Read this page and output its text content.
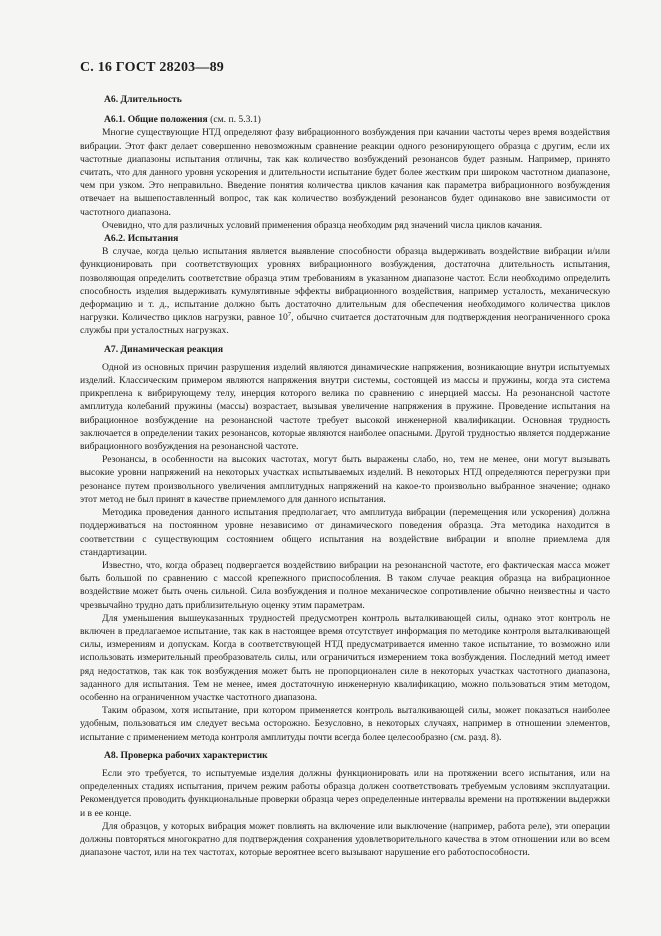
С. 16 ГОСТ 28203—89

А6. Длительность

А6.1. Общие положения (см. п. 5.3.1)

Многие существующие НТД определяют фазу вибрационного возбуждения при качании частоты через время воздействия вибрации. Этот факт делает совершенно невозможным сравнение реакции одного резонирующего образца с другим, если их частотные диапазоны испытания отличны, так как количество возбуждений резонансов будет разным. Например, принято считать, что для данного уровня ускорения и длительности испытание будет более жестким при широком частотном диапазоне, чем при узком. Это неправильно. Введение понятия количества циклов качания как параметра вибрационного возбуждения отвечает на вышепоставленный вопрос, так как количество возбуждений резонансов будет одинаково вне зависимости от частотного диапазона.

Очевидно, что для различных условий применения образца необходим ряд значений числа циклов качания.

А6.2. Испытания

В случае, когда целью испытания является выявление способности образца выдерживать воздействие вибрации и/или функционировать при соответствующих уровнях вибрационного возбуждения, достаточна длительность испытания, позволяющая определить соответствие образца этим требованиям в указанном диапазоне частот. Если необходимо определить способность изделия выдерживать кумулятивные эффекты вибрационного воздействия, например усталость, механическую деформацию и т. д., испытание должно быть достаточно длительным для обеспечения необходимого количества циклов нагрузки. Количество циклов нагрузки, равное $10^7$, обычно считается достаточным для подтверждения неограниченного срока службы при усталостных нагрузках.

А7. Динамическая реакция

Одной из основных причин разрушения изделий являются динамические напряжения, возникающие внутри испытуемых изделий. Классическим примером являются напряжения внутри системы, состоящей из массы и пружины, когда эта система прикреплена к вибрирующему телу, инерция которого велика по сравнению с инерцией массы. На резонансной частоте амплитуда колебаний пружины (массы) возрастает, вызывая увеличение напряжения в пружине. Проведение испытания на вибрационное возбуждение на резонансной частоте требует высокой инженерной квалификации. Основная трудность заключается в определении таких резонансов, которые являются наиболее опасными. Другой трудностью является поддержание вибрационного возбуждения на резонансной частоте.

Резонансы, в особенности на высоких частотах, могут быть выражены слабо, но, тем не менее, они могут вызывать высокие уровни напряжений на некоторых участках испытываемых изделий. В некоторых НТД определяются перегрузки при резонансе путем произвольного увеличения амплитудных напряжений на какое-то произвольно выбранное значение; однако этот метод не был принят в качестве приемлемого для данного испытания.

Методика проведения данного испытания предполагает, что амплитуда вибрации (перемещения или ускорения) должна поддерживаться на постоянном уровне независимо от динамического поведения образца. Эта методика находится в соответствии с существующим состоянием общего испытания на воздействие вибрации и вполне приемлема для стандартизации.

Известно, что, когда образец подвергается воздействию вибрации на резонансной частоте, его фактическая масса может быть большой по сравнению с массой крепежного приспособления. В таком случае реакция образца на вибрационное воздействие может быть очень сильной. Сила возбуждения и полное механическое сопротивление обычно неизвестны и часто чрезвычайно трудно дать приблизительную оценку этим параметрам.

Для уменьшения вышеуказанных трудностей предусмотрен контроль выталкивающей силы, однако этот контроль не включен в предлагаемое испытание, так как в настоящее время отсутствует информация по методике контроля выталкивающей силы, измерениям и допускам. Когда в соответствующей НТД предусматривается именно такое испытание, то возможно или использовать измерительный преобразователь силы, или ограничиться измерением тока возбуждения. Последний метод имеет ряд недостатков, так как ток возбуждения может быть не пропорционален силе в некоторых участках частотного диапазона, заданного для испытания. Тем не менее, имея достаточную инженерную квалификацию, можно пользоваться этим методом, особенно на ограниченном участке частотного диапазона.

Таким образом, хотя испытание, при котором применяется контроль выталкивающей силы, может показаться наиболее удобным, пользоваться им следует весьма осторожно. Безусловно, в некоторых случаях, например в отношении элементов, испытание с применением метода контроля амплитуды почти всегда более целесообразно (см. разд. 8).

А8. Проверка рабочих характеристик

Если это требуется, то испытуемые изделия должны функционировать или на протяжении всего испытания, или на определенных стадиях испытания, причем режим работы образца должен соответствовать требуемым условиям эксплуатации. Рекомендуется проводить функциональные проверки образца через определенные интервалы времени на протяжении выдержки и в ее конце.

Для образцов, у которых вибрация может повлиять на включение или выключение (например, работа реле), эти операции должны повторяться многократно для подтверждения сохранения удовлетворительного качества в этом отношении или во всем диапазоне частот, или на тех частотах, которые вероятнее всего вызывают нарушение его работоспособности.
